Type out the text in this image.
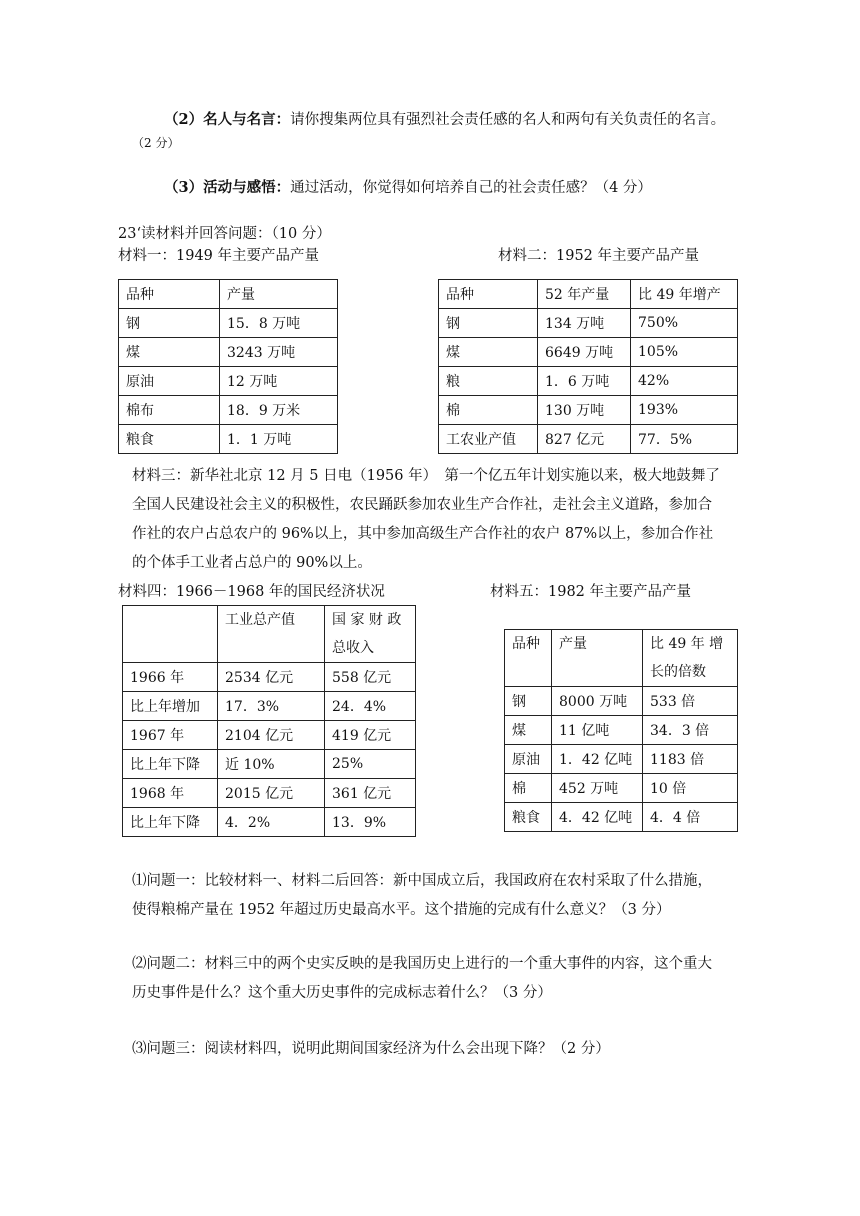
（2）名人与名言：请你搜集两位具有强烈社会责任感的名人和两句有关负责任的名言。
（2 分）
（3）活动与感悟：通过活动，你觉得如何培养自己的社会责任感？（4 分）
23‘读材料并回答问题：（10 分）
材料一：1949 年主要产品产量
品种	产量
钢	15．8 万吨
煤	3243 万吨
原油	12 万吨
棉布	18．9 万米
粮食	1．1 万吨
材料二：1952 年主要产品产量
品种	52 年产量	比 49 年增产
钢	134 万吨	750%
煤	6649 万吨	105%
粮	1．6 万吨	42%
棉	130 万吨	193%
工农业产值	827 亿元	77．5%
材料三：新华社北京 12 月 5 日电（1956 年）　第一个亿五年计划实施以来，极大地鼓舞了
全国人民建设社会主义的积极性，农民踊跃参加农业生产合作社，走社会主义道路，参加合
作社的农户占总农户的 96%以上，其中参加高级生产合作社的农户 87%以上，参加合作社
的个体手工业者占总户的 90%以上。
材料四：1966－1968 年的国民经济状况
	工业总产值	国 家 财 政 总收入
1966 年	2534 亿元	558 亿元
比上年增加	17．3%	24．4%
1967 年	2104 亿元	419 亿元
比上年下降	近 10%	25%
1968 年	2015 亿元	361 亿元
比上年下降	4．2%	13．9%
材料五：1982 年主要产品产量
品种	产量	比 49 年 增 长的倍数
钢	8000 万吨	533 倍
煤	11 亿吨	34．3 倍
原油	1．42 亿吨	1183 倍
棉	452 万吨	10 倍
粮食	4．42 亿吨	4．4 倍
⑴问题一：比较材料一、材料二后回答：新中国成立后，我国政府在农村采取了什么措施，
使得粮棉产量在 1952 年超过历史最高水平。这个措施的完成有什么意义？（3 分）
⑵问题二：材料三中的两个史实反映的是我国历史上进行的一个重大事件的内容，这个重大
历史事件是什么？这个重大历史事件的完成标志着什么？（3 分）
⑶问题三：阅读材料四，说明此期间国家经济为什么会出现下降？（2 分）
